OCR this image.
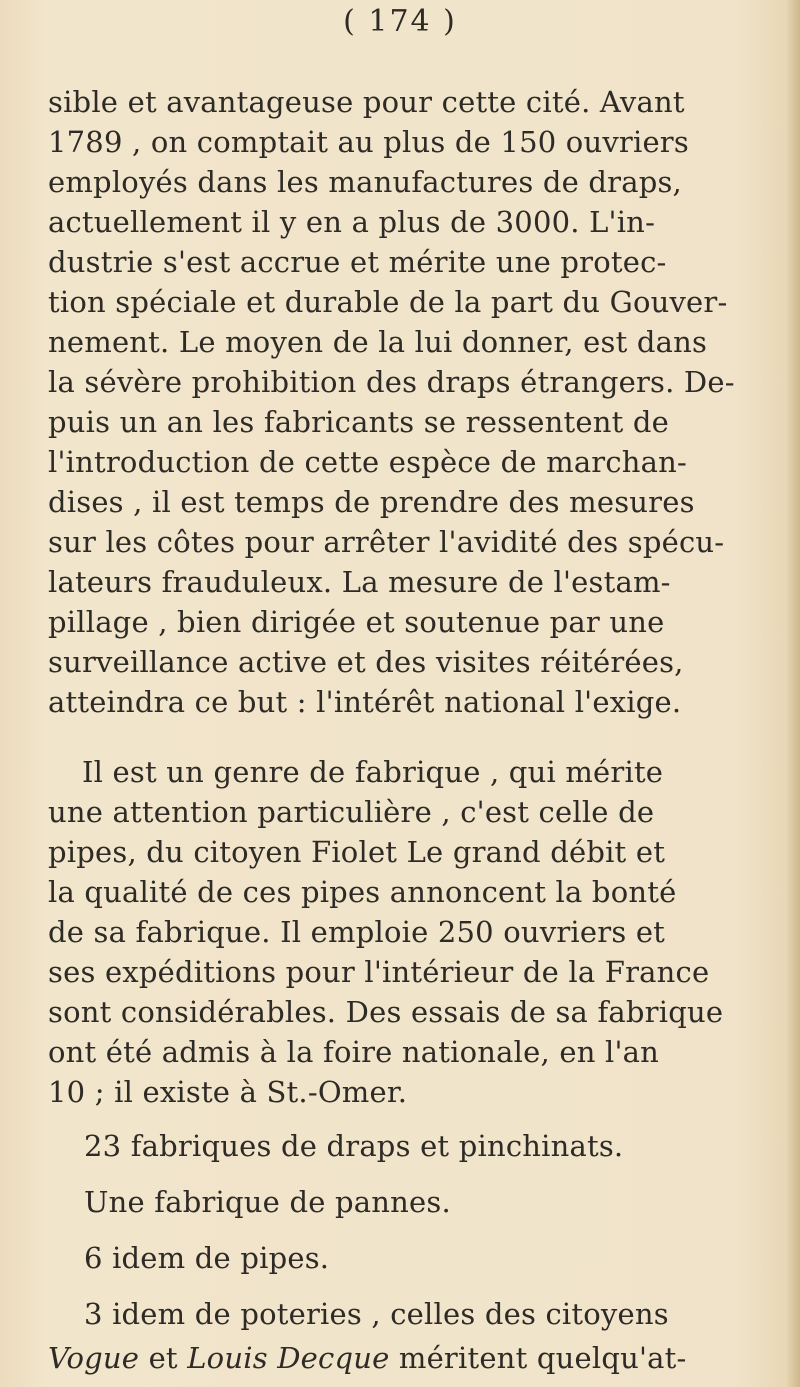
( 174 )
sible et avantageuse pour cette cité. Avant
1789 , on comptait au plus de 150 ouvriers
employés dans les manufactures de draps,
actuellement il y en a plus de 3000. L'in-
dustrie s'est accrue et mérite une protec-
tion spéciale et durable de la part du Gouver-
nement. Le moyen de la lui donner, est dans
la sévère prohibition des draps étrangers. De-
puis un an les fabricants se ressentent de
l'introduction de cette espèce de marchan-
dises , il est temps de prendre des mesures
sur les côtes pour arrêter l'avidité des spécu-
lateurs frauduleux. La mesure de l'estam-
pillage , bien dirigée et soutenue par une
surveillance active et des visites réitérées,
atteindra ce but : l'intérêt national l'exige.
Il est un genre de fabrique , qui mérite
une attention particulière , c'est celle de
pipes, du citoyen Fiolet Le grand débit et
la qualité de ces pipes annoncent la bonté
de sa fabrique. Il emploie 250 ouvriers et
ses expéditions pour l'intérieur de la France
sont considérables. Des essais de sa fabrique
ont été admis à la foire nationale, en l'an
10 ; il existe à St.-Omer.
23 fabriques de draps et pinchinats.
Une fabrique de pannes.
6 idem de pipes.
3 idem de poteries , celles des citoyens
Vogue et Louis Decque méritent quelqu'at-
